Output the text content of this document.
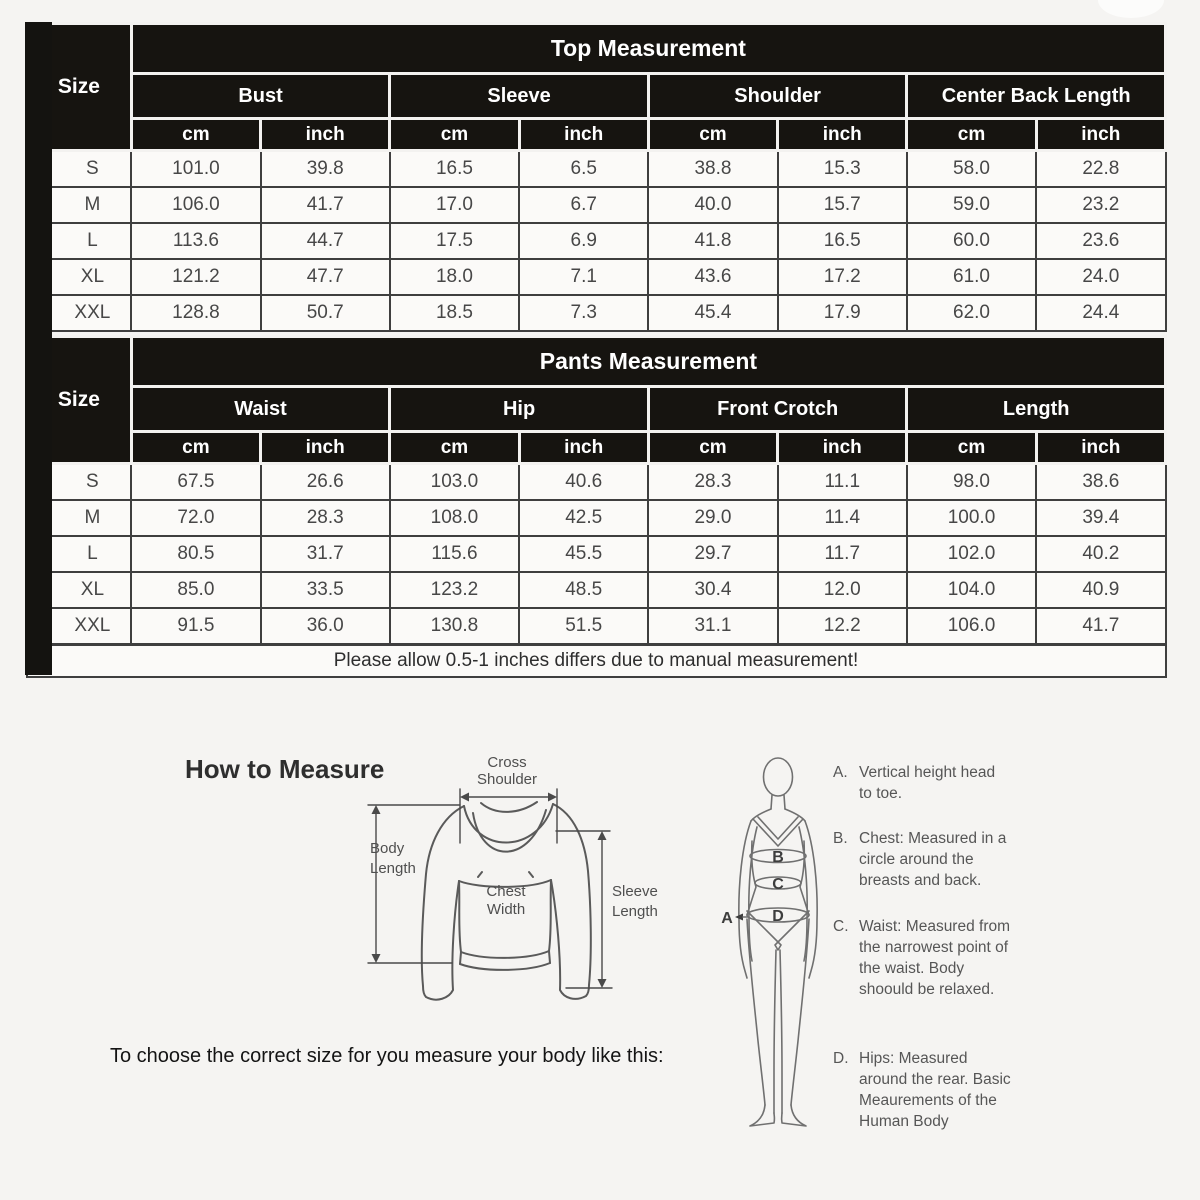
Size	Top Measurement							
	Bust		Sleeve		Shoulder		Center Back Length	
	cm	inch	cm	inch	cm	inch	cm	inch
S	101.0	39.8	16.5	6.5	38.8	15.3	58.0	22.8
M	106.0	41.7	17.0	6.7	40.0	15.7	59.0	23.2
L	113.6	44.7	17.5	6.9	41.8	16.5	60.0	23.6
XL	121.2	47.7	18.0	7.1	43.6	17.2	61.0	24.0
XXL	128.8	50.7	18.5	7.3	45.4	17.9	62.0	24.4
Size	Pants Measurement							
	Waist		Hip		Front Crotch		Length	
	cm	inch	cm	inch	cm	inch	cm	inch
S	67.5	26.6	103.0	40.6	28.3	11.1	98.0	38.6
M	72.0	28.3	108.0	42.5	29.0	11.4	100.0	39.4
L	80.5	31.7	115.6	45.5	29.7	11.7	102.0	40.2
XL	85.0	33.5	123.2	48.5	30.4	12.0	104.0	40.9
XXL	91.5	36.0	130.8	51.5	31.1	12.2	106.0	41.7
Please allow 0.5-1 inches differs due to manual measurement!								
How to Measure	Cross
Shoulder
Body
Length
Chest
Width
Sleeve
Length	A
B
C
D
A. Vertical height head to toe.
B. Chest: Measured in a circle around the breasts and back.
C. Waist: Measured from the narrowest point of the waist. Body shoould be relaxed.
D. Hips: Measured around the rear. Basic Meaurements of the Human Body

To choose the correct size for you measure your body like this:
